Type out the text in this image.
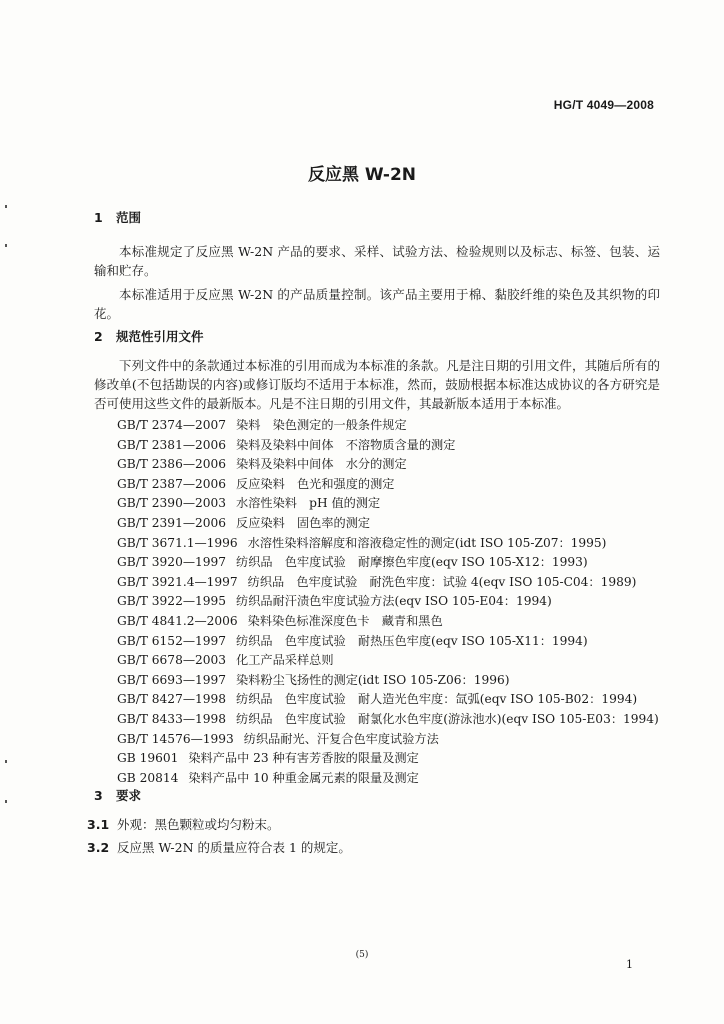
HG/T 4049—2008
反应黑 W-2N
1 范围
本标准规定了反应黑 W-2N 产品的要求、采样、试验方法、检验规则以及标志、标签、包装、运输和贮存。
本标准适用于反应黑 W-2N 的产品质量控制。该产品主要用于棉、黏胶纤维的染色及其织物的印花。
2 规范性引用文件
下列文件中的条款通过本标准的引用而成为本标准的条款。凡是注日期的引用文件，其随后所有的修改单(不包括勘误的内容)或修订版均不适用于本标准，然而，鼓励根据本标准达成协议的各方研究是否可使用这些文件的最新版本。凡是不注日期的引用文件，其最新版本适用于本标准。
GB/T 2374—2007 染料　染色测定的一般条件规定
GB/T 2381—2006 染料及染料中间体　不溶物质含量的测定
GB/T 2386—2006 染料及染料中间体　水分的测定
GB/T 2387—2006 反应染料　色光和强度的测定
GB/T 2390—2003 水溶性染料　pH 值的测定
GB/T 2391—2006 反应染料　固色率的测定
GB/T 3671.1—1996 水溶性染料溶解度和溶液稳定性的测定(idt ISO 105-Z07：1995)
GB/T 3920—1997 纺织品　色牢度试验　耐摩擦色牢度(eqv ISO 105-X12：1993)
GB/T 3921.4—1997 纺织品　色牢度试验　耐洗色牢度：试验 4(eqv ISO 105-C04：1989)
GB/T 3922—1995 纺织品耐汗渍色牢度试验方法(eqv ISO 105-E04：1994)
GB/T 4841.2—2006 染料染色标准深度色卡　藏青和黑色
GB/T 6152—1997 纺织品　色牢度试验　耐热压色牢度(eqv ISO 105-X11：1994)
GB/T 6678—2003 化工产品采样总则
GB/T 6693—1997 染料粉尘飞扬性的测定(idt ISO 105-Z06：1996)
GB/T 8427—1998 纺织品　色牢度试验　耐人造光色牢度：氙弧(eqv ISO 105-B02：1994)
GB/T 8433—1998 纺织品　色牢度试验　耐氯化水色牢度(游泳池水)(eqv ISO 105-E03：1994)
GB/T 14576—1993 纺织品耐光、汗复合色牢度试验方法
GB 19601 染料产品中 23 种有害芳香胺的限量及测定
GB 20814 染料产品中 10 种重金属元素的限量及测定
3 要求
3.1 外观：黑色颗粒或均匀粉末。
3.2 反应黑 W-2N 的质量应符合表 1 的规定。
(5)
1
